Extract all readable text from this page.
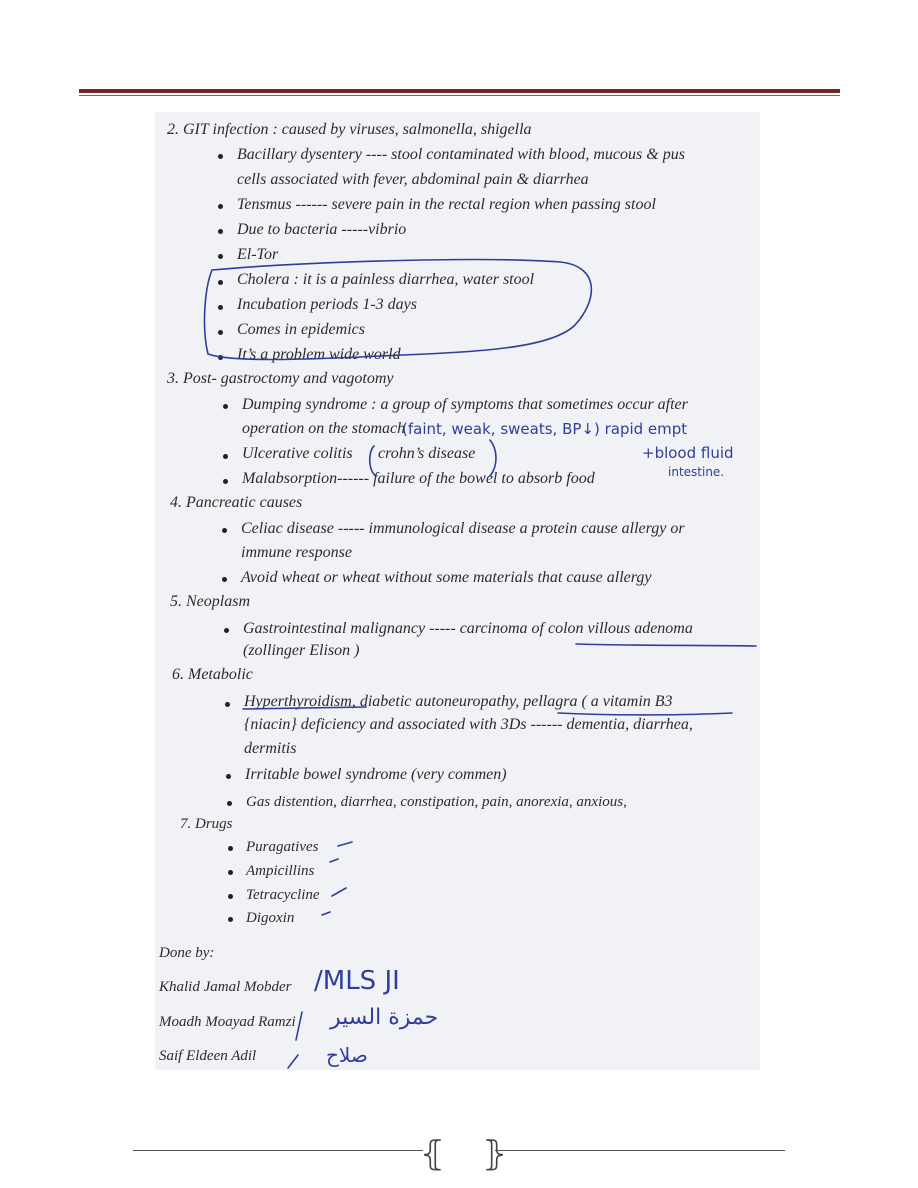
2. GIT infection : caused by viruses, salmonella, shigella
Bacillary dysentery ---- stool contaminated with blood, mucous & pus
cells associated with fever, abdominal pain & diarrhea
Tensmus ------ severe pain in the rectal region when passing stool
Due to bacteria -----vibrio
El-Tor
Cholera : it is a painless diarrhea, water stool
Incubation periods 1-3 days
Comes in epidemics
It’s a problem wide world
3. Post- gastroctomy and vagotomy
Dumping syndrome : a group of symptoms that sometimes occur after
operation on the stomach
Ulcerative colitis crohn’s disease
Malabsorption------ failure of the bowel to absorb food
4. Pancreatic causes
Celiac disease ----- immunological disease a protein cause allergy or
immune response
Avoid wheat or wheat without some materials that cause allergy
5. Neoplasm
Gastrointestinal malignancy ----- carcinoma of colon villous adenoma
(zollinger Elison )
6. Metabolic
Hyperthyroidism, diabetic autoneuropathy, pellagra ( a vitamin B3
{niacin} deficiency and associated with 3Ds ------ dementia, diarrhea,
dermitis
Irritable bowel syndrome (very commen)
Gas distention, diarrhea, constipation, pain, anorexia, anxious,
7. Drugs
Puragatives
Ampicillins
Tetracycline
Digoxin
Done by:
Khalid Jamal Mobder
Moadh Moayad Ramzi
Saif Eldeen Adil
(faint, weak, sweats, BP↓) rapid empt
+blood fluid
intestine.
/MLS JI
حمزة السير
صلاح
⦃ ⦄
